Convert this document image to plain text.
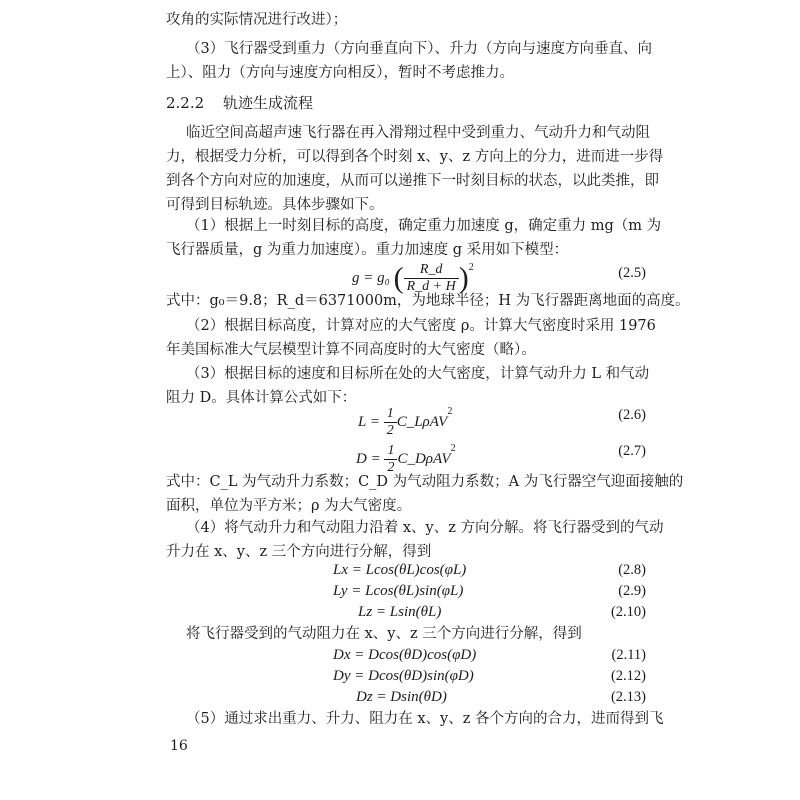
攻角的实际情况进行改进）；
（3）飞行器受到重力（方向垂直向下）、升力（方向与速度方向垂直、向
上）、阻力（方向与速度方向相反），暂时不考虑推力。
2.2.2 轨迹生成流程
临近空间高超声速飞行器在再入滑翔过程中受到重力、气动升力和气动阻
力，根据受力分析，可以得到各个时刻 x、y、z 方向上的分力，进而进一步得
到各个方向对应的加速度，从而可以递推下一时刻目标的状态，以此类推，即
可得到目标轨迹。具体步骤如下。
（1）根据上一时刻目标的高度，确定重力加速度 g，确定重力 mg（m 为
飞行器质量，g 为重力加速度）。重力加速度 g 采用如下模型：
g = g₀ ( $\frac{R\_d}{R\_d + H} )^2$	(2.5)
式中：g₀＝9.8；R_d＝6371000m，为地球半径；H 为飞行器距离地面的高度。
（2）根据目标高度，计算对应的大气密度 ρ。计算大气密度时采用 1976
年美国标准大气层模型计算不同高度时的大气密度（略）。
（3）根据目标的速度和目标所在处的大气密度，计算气动升力 L 和气动
阻力 D。具体计算公式如下：
$L = \frac{1}{2}$ C_LρAV$^2$	(2.6)
$D = \frac{1}{2}$ C_DρAV$^2$	(2.7)
式中：C_L 为气动升力系数；C_D 为气动阻力系数；A 为飞行器空气迎面接触的
面积，单位为平方米；ρ 为大气密度。
（4）将气动升力和气动阻力沿着 x、y、z 方向分解。将飞行器受到的气动
升力在 x、y、z 三个方向进行分解，得到
Lx = Lcos(θL)cos(φL)	(2.8)
Ly = Lcos(θL)sin(φL)	(2.9)
Lz = Lsin(θL)	(2.10)
将飞行器受到的气动阻力在 x、y、z 三个方向进行分解，得到
Dx = Dcos(θD)cos(φD)	(2.11)
Dy = Dcos(θD)sin(φD)	(2.12)
Dz = Dsin(θD)	(2.13)
（5）通过求出重力、升力、阻力在 x、y、z 各个方向的合力，进而得到飞
16
